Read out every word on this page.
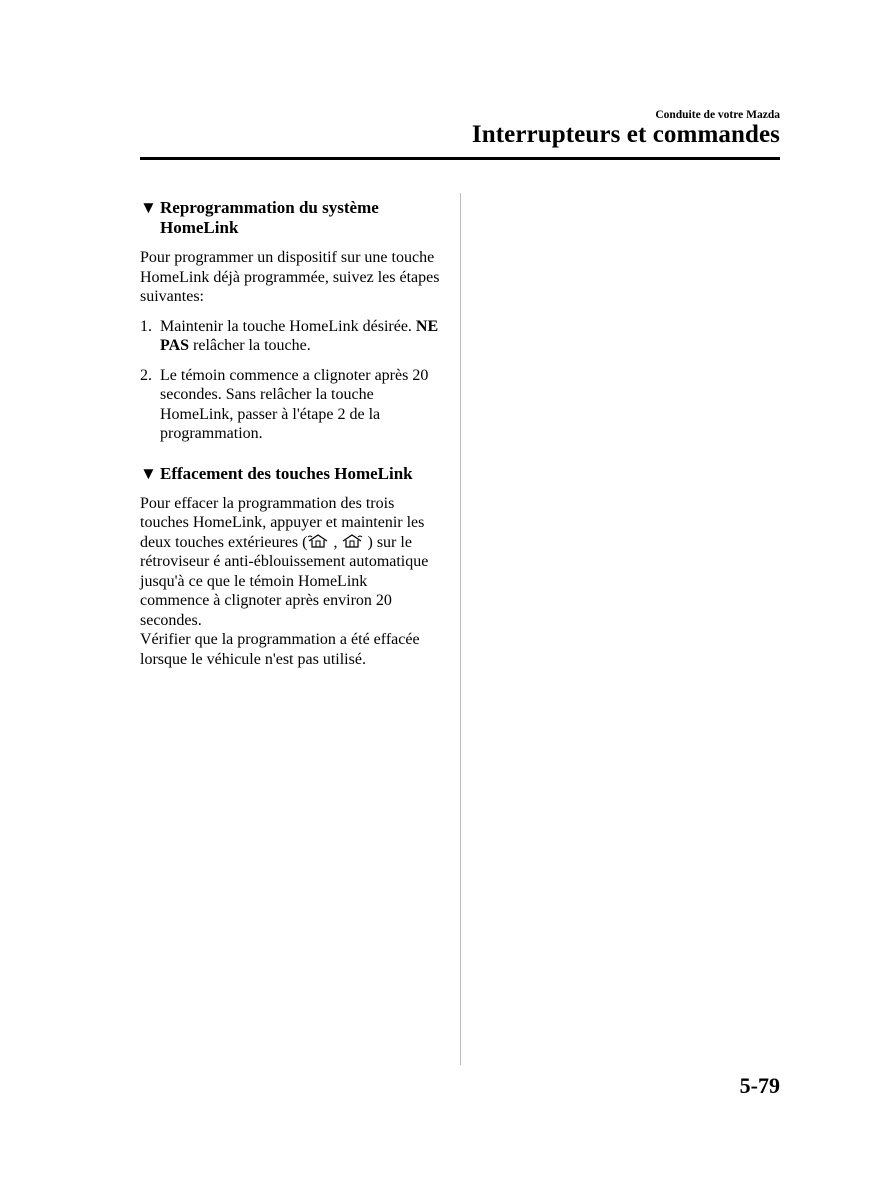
Conduite de votre Mazda
Interrupteurs et commandes
▼ Reprogrammation du système HomeLink

Pour programmer un dispositif sur une touche HomeLink déjà programmée, suivez les étapes suivantes:

1. Maintenir la touche HomeLink désirée. NE PAS relâcher la touche.
2. Le témoin commence a clignoter après 20 secondes. Sans relâcher la touche HomeLink, passer à l'étape 2 de la programmation.
▼ Effacement des touches HomeLink

Pour effacer la programmation des trois touches HomeLink, appuyer et maintenir les deux touches extérieures ( ,  ) sur le rétroviseur é anti-éblouissement automatique jusqu'à ce que le témoin HomeLink commence à clignoter après environ 20 secondes.

Vérifier que la programmation a été effacée lorsque le véhicule n'est pas utilisé.

5-79
